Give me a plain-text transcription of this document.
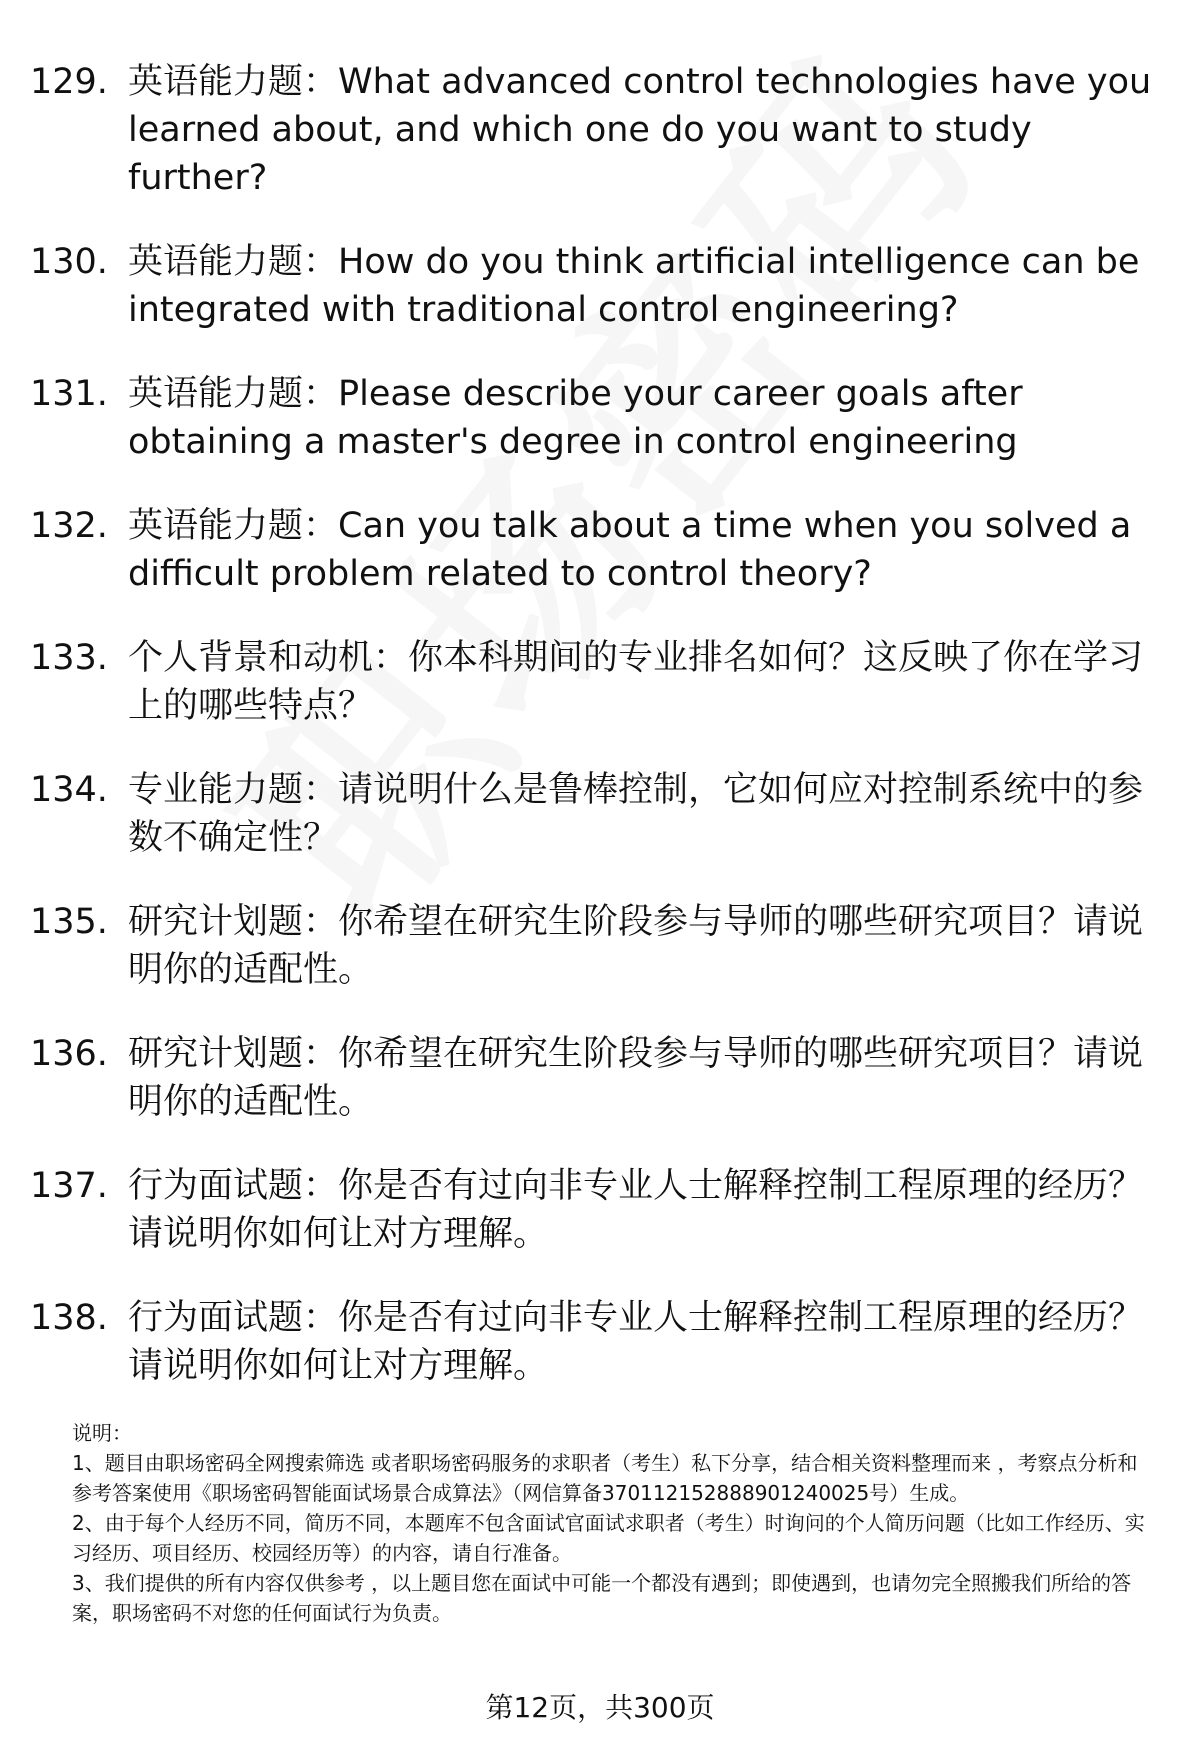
129. 英语能力题：What advanced control technologies have you learned about, and which one do you want to study further?
130. 英语能力题：How do you think artificial intelligence can be integrated with traditional control engineering?
131. 英语能力题：Please describe your career goals after obtaining a master's degree in control engineering
132. 英语能力题：Can you talk about a time when you solved a difficult problem related to control theory?
133. 个人背景和动机：你本科期间的专业排名如何？这反映了你在学习上的哪些特点？
134. 专业能力题：请说明什么是鲁棒控制，它如何应对控制系统中的参数不确定性？
135. 研究计划题：你希望在研究生阶段参与导师的哪些研究项目？请说明你的适配性。
136. 研究计划题：你希望在研究生阶段参与导师的哪些研究项目？请说明你的适配性。
137. 行为面试题：你是否有过向非专业人士解释控制工程原理的经历？请说明你如何让对方理解。
138. 行为面试题：你是否有过向非专业人士解释控制工程原理的经历？请说明你如何让对方理解。

说明：

1、题目由职场密码全网搜索筛选 或者职场密码服务的求职者（考生）私下分享，结合相关资料整理而来 ，考察点分析和参考答案使用《职场密码智能面试场景合成算法》（网信算备370112152888901240025号）生成。

2、由于每个人经历不同，简历不同，本题库不包含面试官面试求职者（考生）时询问的个人简历问题（比如工作经历、实习经历、项目经历、校园经历等）的内容，请自行准备。

3、我们提供的所有内容仅供参考 ，以上题目您在面试中可能一个都没有遇到；即使遇到，也请勿完全照搬我们所给的答案，职场密码不对您的任何面试行为负责。

第12页，共300页
